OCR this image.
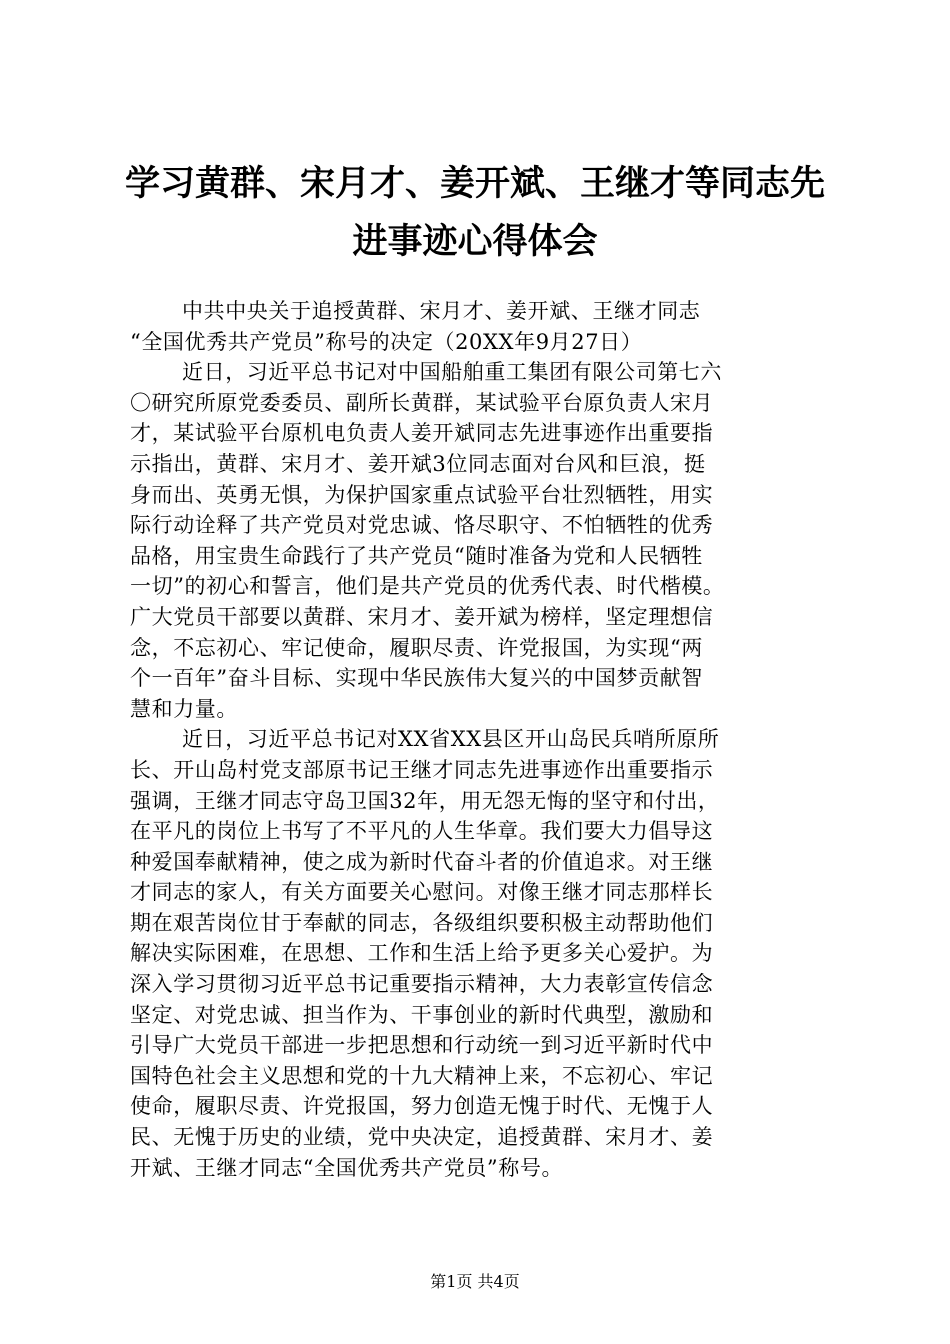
学习黄群、宋月才、姜开斌、王继才等同志先
进事迹心得体会
中共中央关于追授黄群、宋月才、姜开斌、王继才同志
“全国优秀共产党员”称号的决定（20XX年9月27日）
近日，习近平总书记对中国船舶重工集团有限公司第七六
〇研究所原党委委员、副所长黄群，某试验平台原负责人宋月
才，某试验平台原机电负责人姜开斌同志先进事迹作出重要指
示指出，黄群、宋月才、姜开斌3位同志面对台风和巨浪，挺
身而出、英勇无惧，为保护国家重点试验平台壮烈牺牲，用实
际行动诠释了共产党员对党忠诚、恪尽职守、不怕牺牲的优秀
品格，用宝贵生命践行了共产党员“随时准备为党和人民牺牲
一切”的初心和誓言，他们是共产党员的优秀代表、时代楷模。
广大党员干部要以黄群、宋月才、姜开斌为榜样，坚定理想信
念，不忘初心、牢记使命，履职尽责、许党报国，为实现“两
个一百年”奋斗目标、实现中华民族伟大复兴的中国梦贡献智
慧和力量。
近日，习近平总书记对XX省XX县区开山岛民兵哨所原所
长、开山岛村党支部原书记王继才同志先进事迹作出重要指示
强调，王继才同志守岛卫国32年，用无怨无悔的坚守和付出，
在平凡的岗位上书写了不平凡的人生华章。我们要大力倡导这
种爱国奉献精神，使之成为新时代奋斗者的价值追求。对王继
才同志的家人，有关方面要关心慰问。对像王继才同志那样长
期在艰苦岗位甘于奉献的同志，各级组织要积极主动帮助他们
解决实际困难，在思想、工作和生活上给予更多关心爱护。为
深入学习贯彻习近平总书记重要指示精神，大力表彰宣传信念
坚定、对党忠诚、担当作为、干事创业的新时代典型，激励和
引导广大党员干部进一步把思想和行动统一到习近平新时代中
国特色社会主义思想和党的十九大精神上来，不忘初心、牢记
使命，履职尽责、许党报国，努力创造无愧于时代、无愧于人
民、无愧于历史的业绩，党中央决定，追授黄群、宋月才、姜
开斌、王继才同志“全国优秀共产党员”称号。
第1页 共4页
